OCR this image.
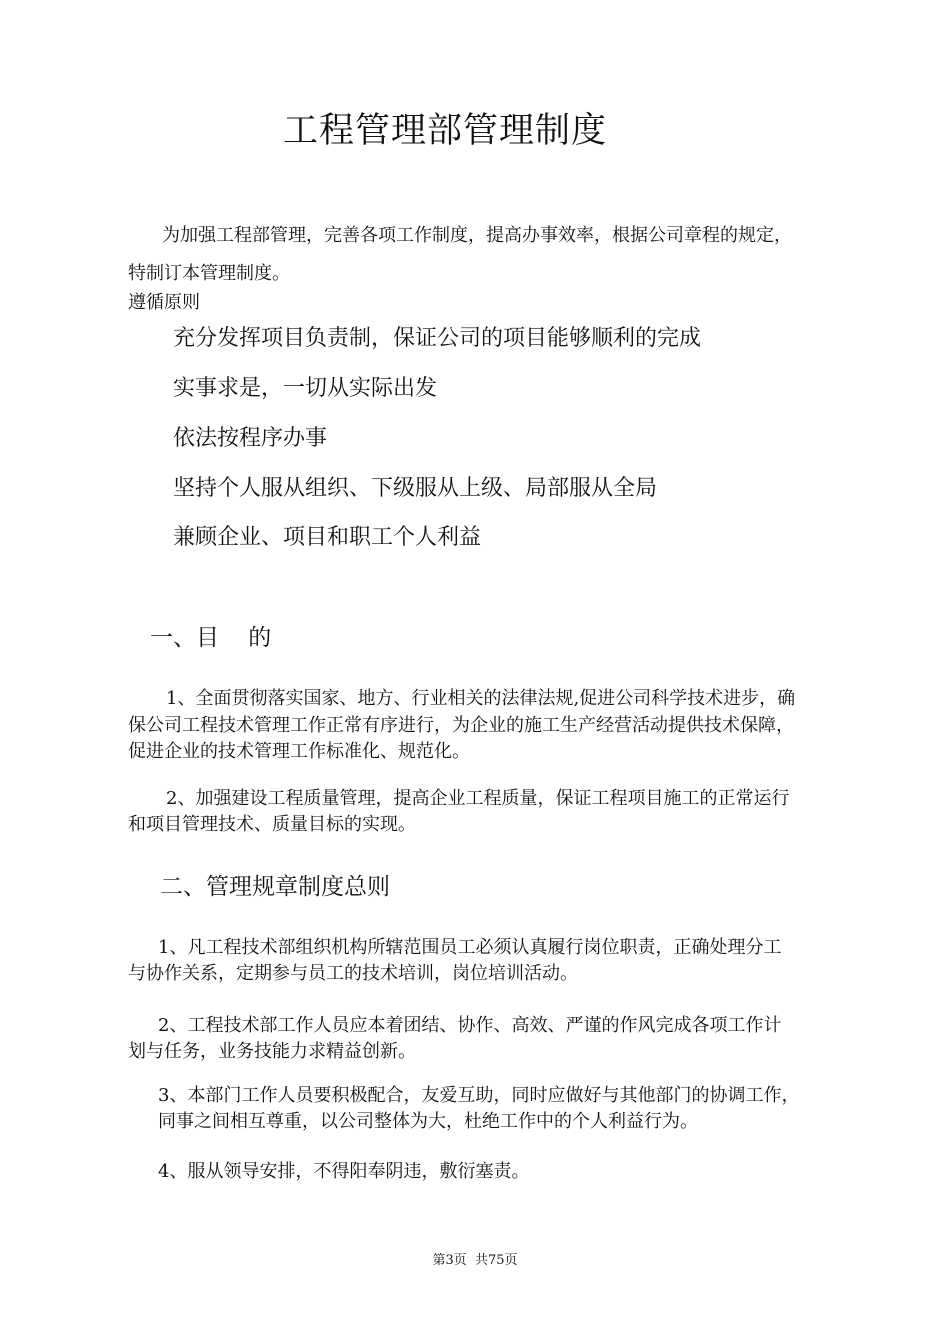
工程管理部管理制度
为加强工程部管理，完善各项工作制度，提高办事效率，根据公司章程的规定，
特制订本管理制度。
遵循原则
充分发挥项目负责制，保证公司的项目能够顺利的完成
实事求是，一切从实际出发
依法按程序办事
坚持个人服从组织、下级服从上级、局部服从全局
兼顾企业、项目和职工个人利益
一、目    的
1、全面贯彻落实国家、地方、行业相关的法律法规,促进公司科学技术进步，确
保公司工程技术管理工作正常有序进行，为企业的施工生产经营活动提供技术保障，
促进企业的技术管理工作标准化、规范化。
2、加强建设工程质量管理，提高企业工程质量，保证工程项目施工的正常运行
和项目管理技术、质量目标的实现。
二、管理规章制度总则
1、凡工程技术部组织机构所辖范围员工必须认真履行岗位职责，正确处理分工
与协作关系，定期参与员工的技术培训，岗位培训活动。
2、工程技术部工作人员应本着团结、协作、高效、严谨的作风完成各项工作计
划与任务，业务技能力求精益创新。
3、本部门工作人员要积极配合，友爱互助，同时应做好与其他部门的协调工作，
同事之间相互尊重，以公司整体为大，杜绝工作中的个人利益行为。
4、服从领导安排，不得阳奉阴违，敷衍塞责。
第3页  共75页
